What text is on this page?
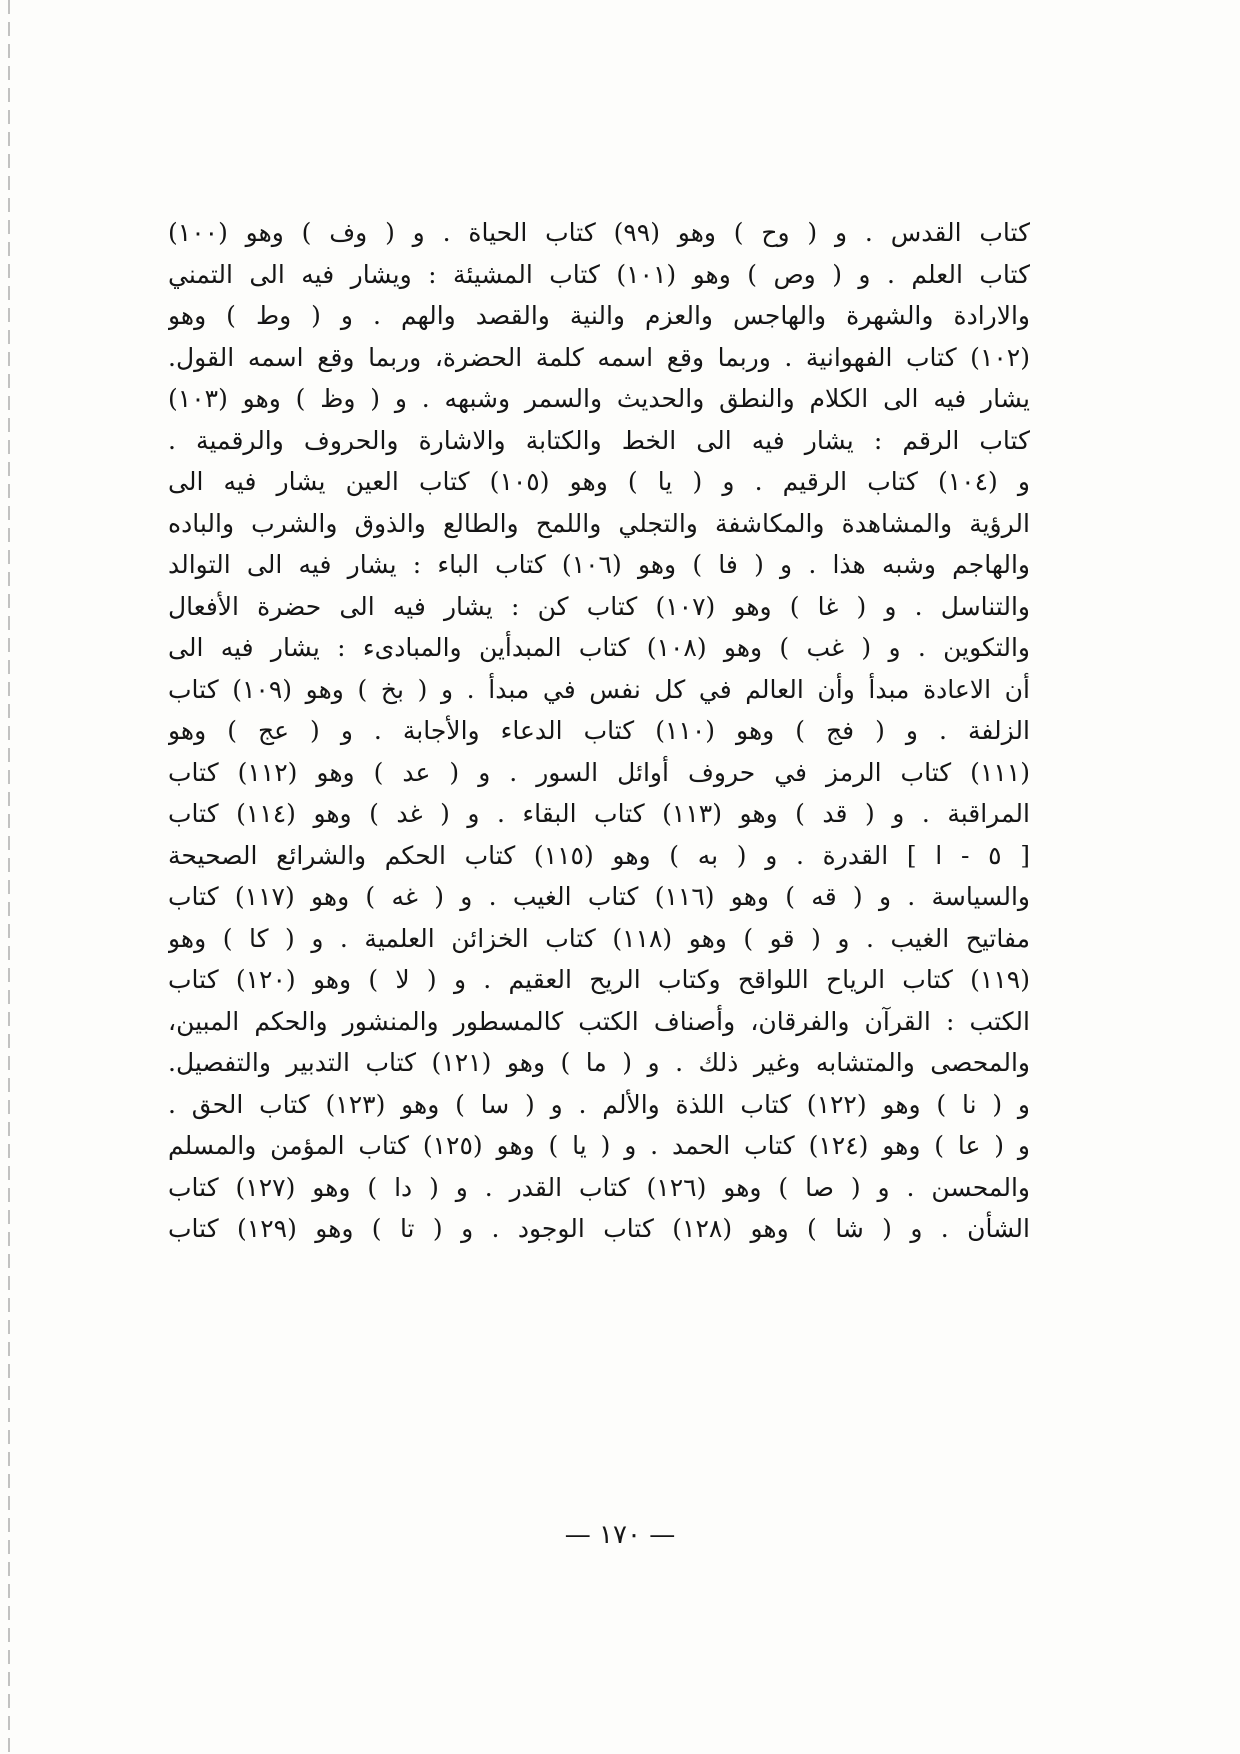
كتاب القدس . و ( وح ) وهو (٩٩) كتاب الحياة . و ( وف ) وهو (١٠٠)
كتاب العلم . و ( وص ) وهو (١٠١) كتاب المشيئة : ويشار فيه الى التمني
والارادة والشهرة والهاجس والعزم والنية والقصد والهم . و ( وط ) وهو
(١٠٢) كتاب الفهوانية . وربما وقع اسمه كلمة الحضرة، وربما وقع اسمه القول.
يشار فيه الى الكلام والنطق والحديث والسمر وشبهه . و ( وظ ) وهو (١٠٣)
كتاب الرقم : يشار فيه الى الخط والكتابة والاشارة والحروف والرقمية .
و (١٠٤) كتاب الرقيم . و ( يا ) وهو (١٠٥) كتاب العين يشار فيه الى
الرؤية والمشاهدة والمكاشفة والتجلي واللمح والطالع والذوق والشرب والباده
والهاجم وشبه هذا . و ( فا ) وهو (١٠٦) كتاب الباء : يشار فيه الى التوالد
والتناسل . و ( غا ) وهو (١٠٧) كتاب كن : يشار فيه الى حضرة الأفعال
والتكوين . و ( غب ) وهو (١٠٨) كتاب المبدأين والمبادىء : يشار فيه الى
أن الاعادة مبدأ وأن العالم في كل نفس في مبدأ . و ( بخ ) وهو (١٠٩) كتاب
الزلفة . و ( فج ) وهو (١١٠) كتاب الدعاء والأجابة . و ( عج ) وهو
(١١١) كتاب الرمز في حروف أوائل السور . و ( عد ) وهو (١١٢) كتاب
المراقبة . و ( قد ) وهو (١١٣) كتاب البقاء . و ( غد ) وهو (١١٤) كتاب
[ ٥ - ا ] القدرة . و ( به ) وهو (١١٥) كتاب الحكم والشرائع الصحيحة
والسياسة . و ( قه ) وهو (١١٦) كتاب الغيب . و ( غه ) وهو (١١٧) كتاب
مفاتيح الغيب . و ( قو ) وهو (١١٨) كتاب الخزائن العلمية . و ( كا ) وهو
(١١٩) كتاب الرياح اللواقح وكتاب الريح العقيم . و ( لا ) وهو (١٢٠) كتاب
الكتب : القرآن والفرقان، وأصناف الكتب كالمسطور والمنشور والحكم المبين،
والمحصى والمتشابه وغير ذلك . و ( ما ) وهو (١٢١) كتاب التدبير والتفصيل.
و ( نا ) وهو (١٢٢) كتاب اللذة والألم . و ( سا ) وهو (١٢٣) كتاب الحق .
و ( عا ) وهو (١٢٤) كتاب الحمد . و ( يا ) وهو (١٢٥) كتاب المؤمن والمسلم
والمحسن . و ( صا ) وهو (١٢٦) كتاب القدر . و ( دا ) وهو (١٢٧) كتاب
الشأن . و ( شا ) وهو (١٢٨) كتاب الوجود . و ( تا ) وهو (١٢٩) كتاب
— ١٧٠ —
